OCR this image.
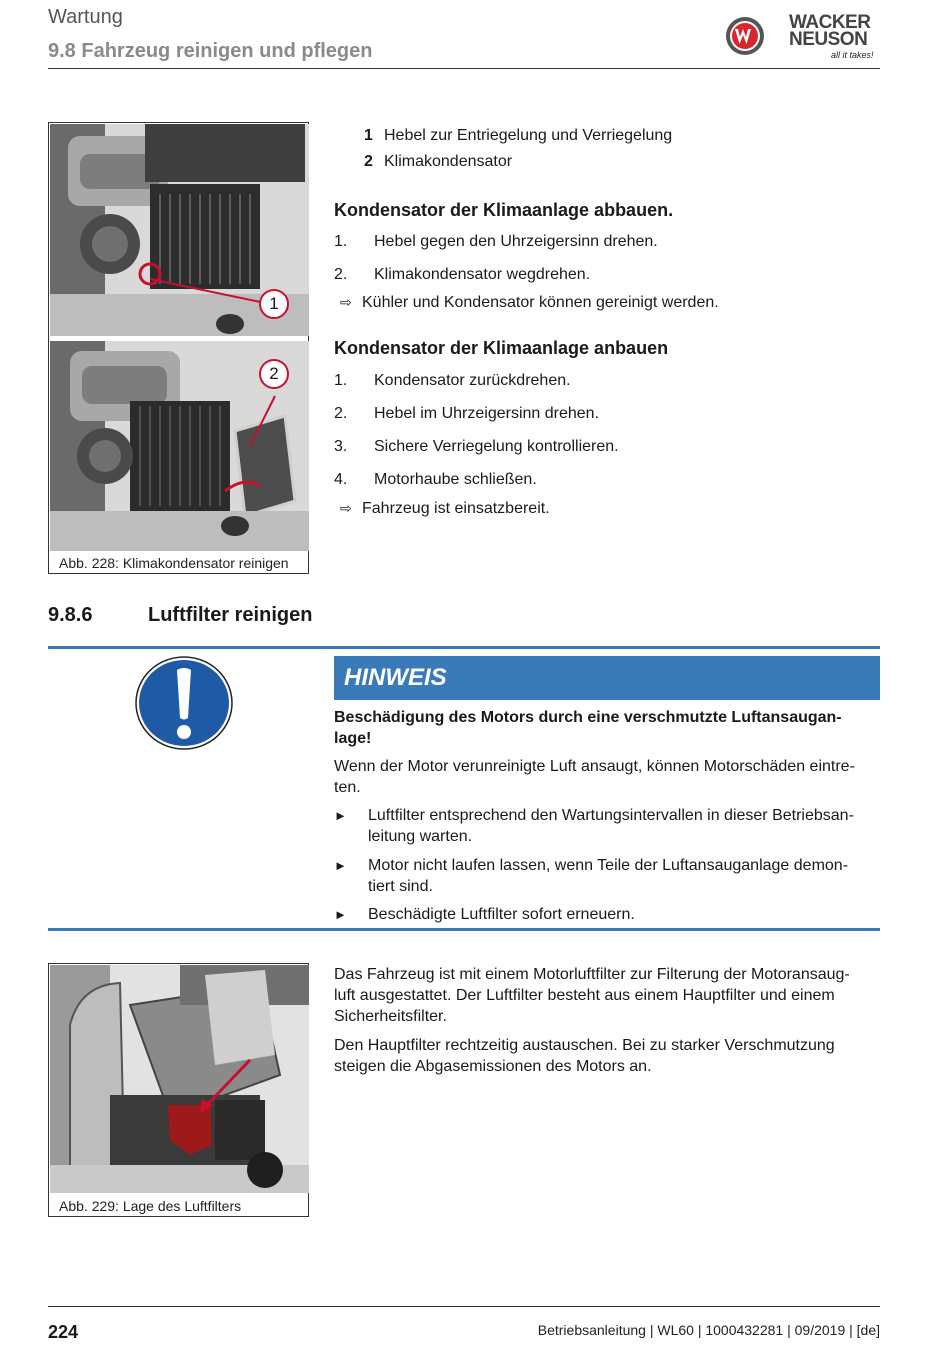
Wartung
9.8 Fahrzeug reinigen und pflegen
WACKER
NEUSON
all it takes!
1
2
Abb. 228: Klimakondensator reinigen
1 Hebel zur Entriegelung und Verriegelung
2 Klimakondensator
Kondensator der Klimaanlage abbauen.
1. Hebel gegen den Uhrzeigersinn drehen.
2. Klimakondensator wegdrehen.
⇨ Kühler und Kondensator können gereinigt werden.
Kondensator der Klimaanlage anbauen
1. Kondensator zurückdrehen.
2. Hebel im Uhrzeigersinn drehen.
3. Sichere Verriegelung kontrollieren.
4. Motorhaube schließen.
⇨ Fahrzeug ist einsatzbereit.
9.8.6	Luftfilter reinigen
HINWEIS
Beschädigung des Motors durch eine verschmutzte Luftansaugan-
lage!
Wenn der Motor verunreinigte Luft ansaugt, können Motorschäden eintre-
ten.
► Luftfilter entsprechend den Wartungsintervallen in dieser Betriebsan-
leitung warten.
► Motor nicht laufen lassen, wenn Teile der Luftansauganlage demon-
tiert sind.
► Beschädigte Luftfilter sofort erneuern.
Abb. 229: Lage des Luftfilters
Das Fahrzeug ist mit einem Motorluftfilter zur Filterung der Motoransaug-
luft ausgestattet. Der Luftfilter besteht aus einem Hauptfilter und einem
Sicherheitsfilter.
Den Hauptfilter rechtzeitig austauschen. Bei zu starker Verschmutzung
steigen die Abgasemissionen des Motors an.
224	Betriebsanleitung | WL60 | 1000432281 | 09/2019 | [de]
